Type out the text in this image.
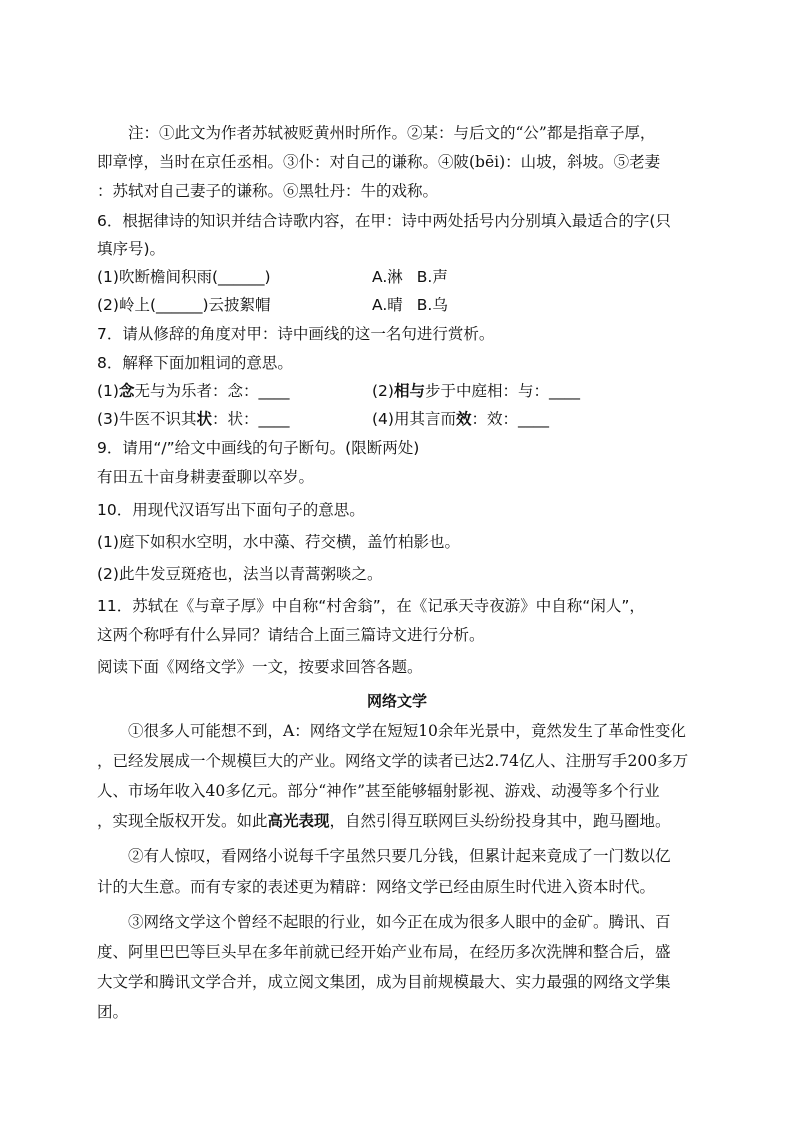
注：①此文为作者苏轼被贬黄州时所作。②某：与后文的“公”都是指章子厚，
即章惇，当时在京任丞相。③仆：对自己的谦称。④陂(bēi)：山坡，斜坡。⑤老妻
：苏轼对自己妻子的谦称。⑥黑牡丹：牛的戏称。
6．根据律诗的知识并结合诗歌内容，在甲：诗中两处括号内分别填入最适合的字(只
填序号)。
(1)吹断檐间积雨(______)	A.淋 B.声
(2)岭上(______)云披絮帽	A.晴 B.乌
7．请从修辞的角度对甲：诗中画线的这一名句进行赏析。
8．解释下面加粗词的意思。
(1)念无与为乐者：念：____	(2)相与步于中庭相：与：____
(3)牛医不识其状：状：____	(4)用其言而效：效：____
9．请用“/”给文中画线的句子断句。(限断两处)
有田五十亩身耕妻蚕聊以卒岁。
10．用现代汉语写出下面句子的意思。
(1)庭下如积水空明，水中藻、荇交横，盖竹柏影也。
(2)此牛发豆斑疮也，法当以青蒿粥啖之。
11．苏轼在《与章子厚》中自称“村舍翁”，在《记承天寺夜游》中自称“闲人”，
这两个称呼有什么异同？请结合上面三篇诗文进行分析。
阅读下面《网络文学》一文，按要求回答各题。
网络文学
①很多人可能想不到，A：网络文学在短短10余年光景中，竟然发生了革命性变化
，已经发展成一个规模巨大的产业。网络文学的读者已达2.74亿人、注册写手200多万
人、市场年收入40多亿元。部分“神作”甚至能够辐射影视、游戏、动漫等多个行业
，实现全版权开发。如此高光表现，自然引得互联网巨头纷纷投身其中，跑马圈地。
②有人惊叹，看网络小说每千字虽然只要几分钱，但累计起来竟成了一门数以亿
计的大生意。而有专家的表述更为精辟：网络文学已经由原生时代进入资本时代。
③网络文学这个曾经不起眼的行业，如今正在成为很多人眼中的金矿。腾讯、百
度、阿里巴巴等巨头早在多年前就已经开始产业布局，在经历多次洗牌和整合后，盛
大文学和腾讯文学合并，成立阅文集团，成为目前规模最大、实力最强的网络文学集
团。
